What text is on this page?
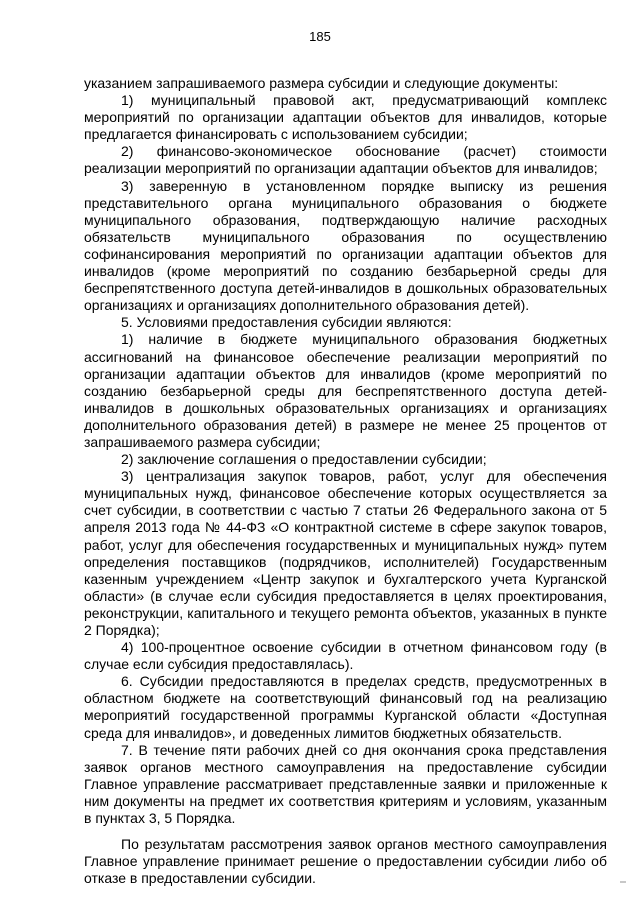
185

указанием запрашиваемого размера субсидии и следующие документы:

1) муниципальный правовой акт, предусматривающий комплекс мероприятий по организации адаптации объектов для инвалидов, которые предлагается финансировать с использованием субсидии;

2) финансово-экономическое обоснование (расчет) стоимости реализации мероприятий по организации адаптации объектов для инвалидов;

3) заверенную в установленном порядке выписку из решения представительного органа муниципального образования о бюджете муниципального образования, подтверждающую наличие расходных обязательств муниципального образования по осуществлению софинансирования мероприятий по организации адаптации объектов для инвалидов (кроме мероприятий по созданию безбарьерной среды для беспрепятственного доступа детей-инвалидов в дошкольных образовательных организациях и организациях дополнительного образования детей).

5. Условиями предоставления субсидии являются:

1) наличие в бюджете муниципального образования бюджетных ассигнований на финансовое обеспечение реализации мероприятий по организации адаптации объектов для инвалидов (кроме мероприятий по созданию безбарьерной среды для беспрепятственного доступа детей-инвалидов в дошкольных образовательных организациях и организациях дополнительного образования детей) в размере не менее 25 процентов от запрашиваемого размера субсидии;

2) заключение соглашения о предоставлении субсидии;

3) централизация закупок товаров, работ, услуг для обеспечения муниципальных нужд, финансовое обеспечение которых осуществляется за счет субсидии, в соответствии с частью 7 статьи 26 Федерального закона от 5 апреля 2013 года № 44-ФЗ «О контрактной системе в сфере закупок товаров, работ, услуг для обеспечения государственных и муниципальных нужд» путем определения поставщиков (подрядчиков, исполнителей) Государственным казенным учреждением «Центр закупок и бухгалтерского учета Курганской области» (в случае если субсидия предоставляется в целях проектирования, реконструкции, капитального и текущего ремонта объектов, указанных в пункте 2 Порядка);

4) 100-процентное освоение субсидии в отчетном финансовом году (в случае если субсидия предоставлялась).

6. Субсидии предоставляются в пределах средств, предусмотренных в областном бюджете на соответствующий финансовый год на реализацию мероприятий государственной программы Курганской области «Доступная среда для инвалидов», и доведенных лимитов бюджетных обязательств.

7. В течение пяти рабочих дней со дня окончания срока представления заявок органов местного самоуправления на предоставление субсидии Главное управление рассматривает представленные заявки и приложенные к ним документы на предмет их соответствия критериям и условиям, указанным в пунктах 3, 5 Порядка.

По результатам рассмотрения заявок органов местного самоуправления Главное управление принимает решение о предоставлении субсидии либо об отказе в предоставлении субсидии.
